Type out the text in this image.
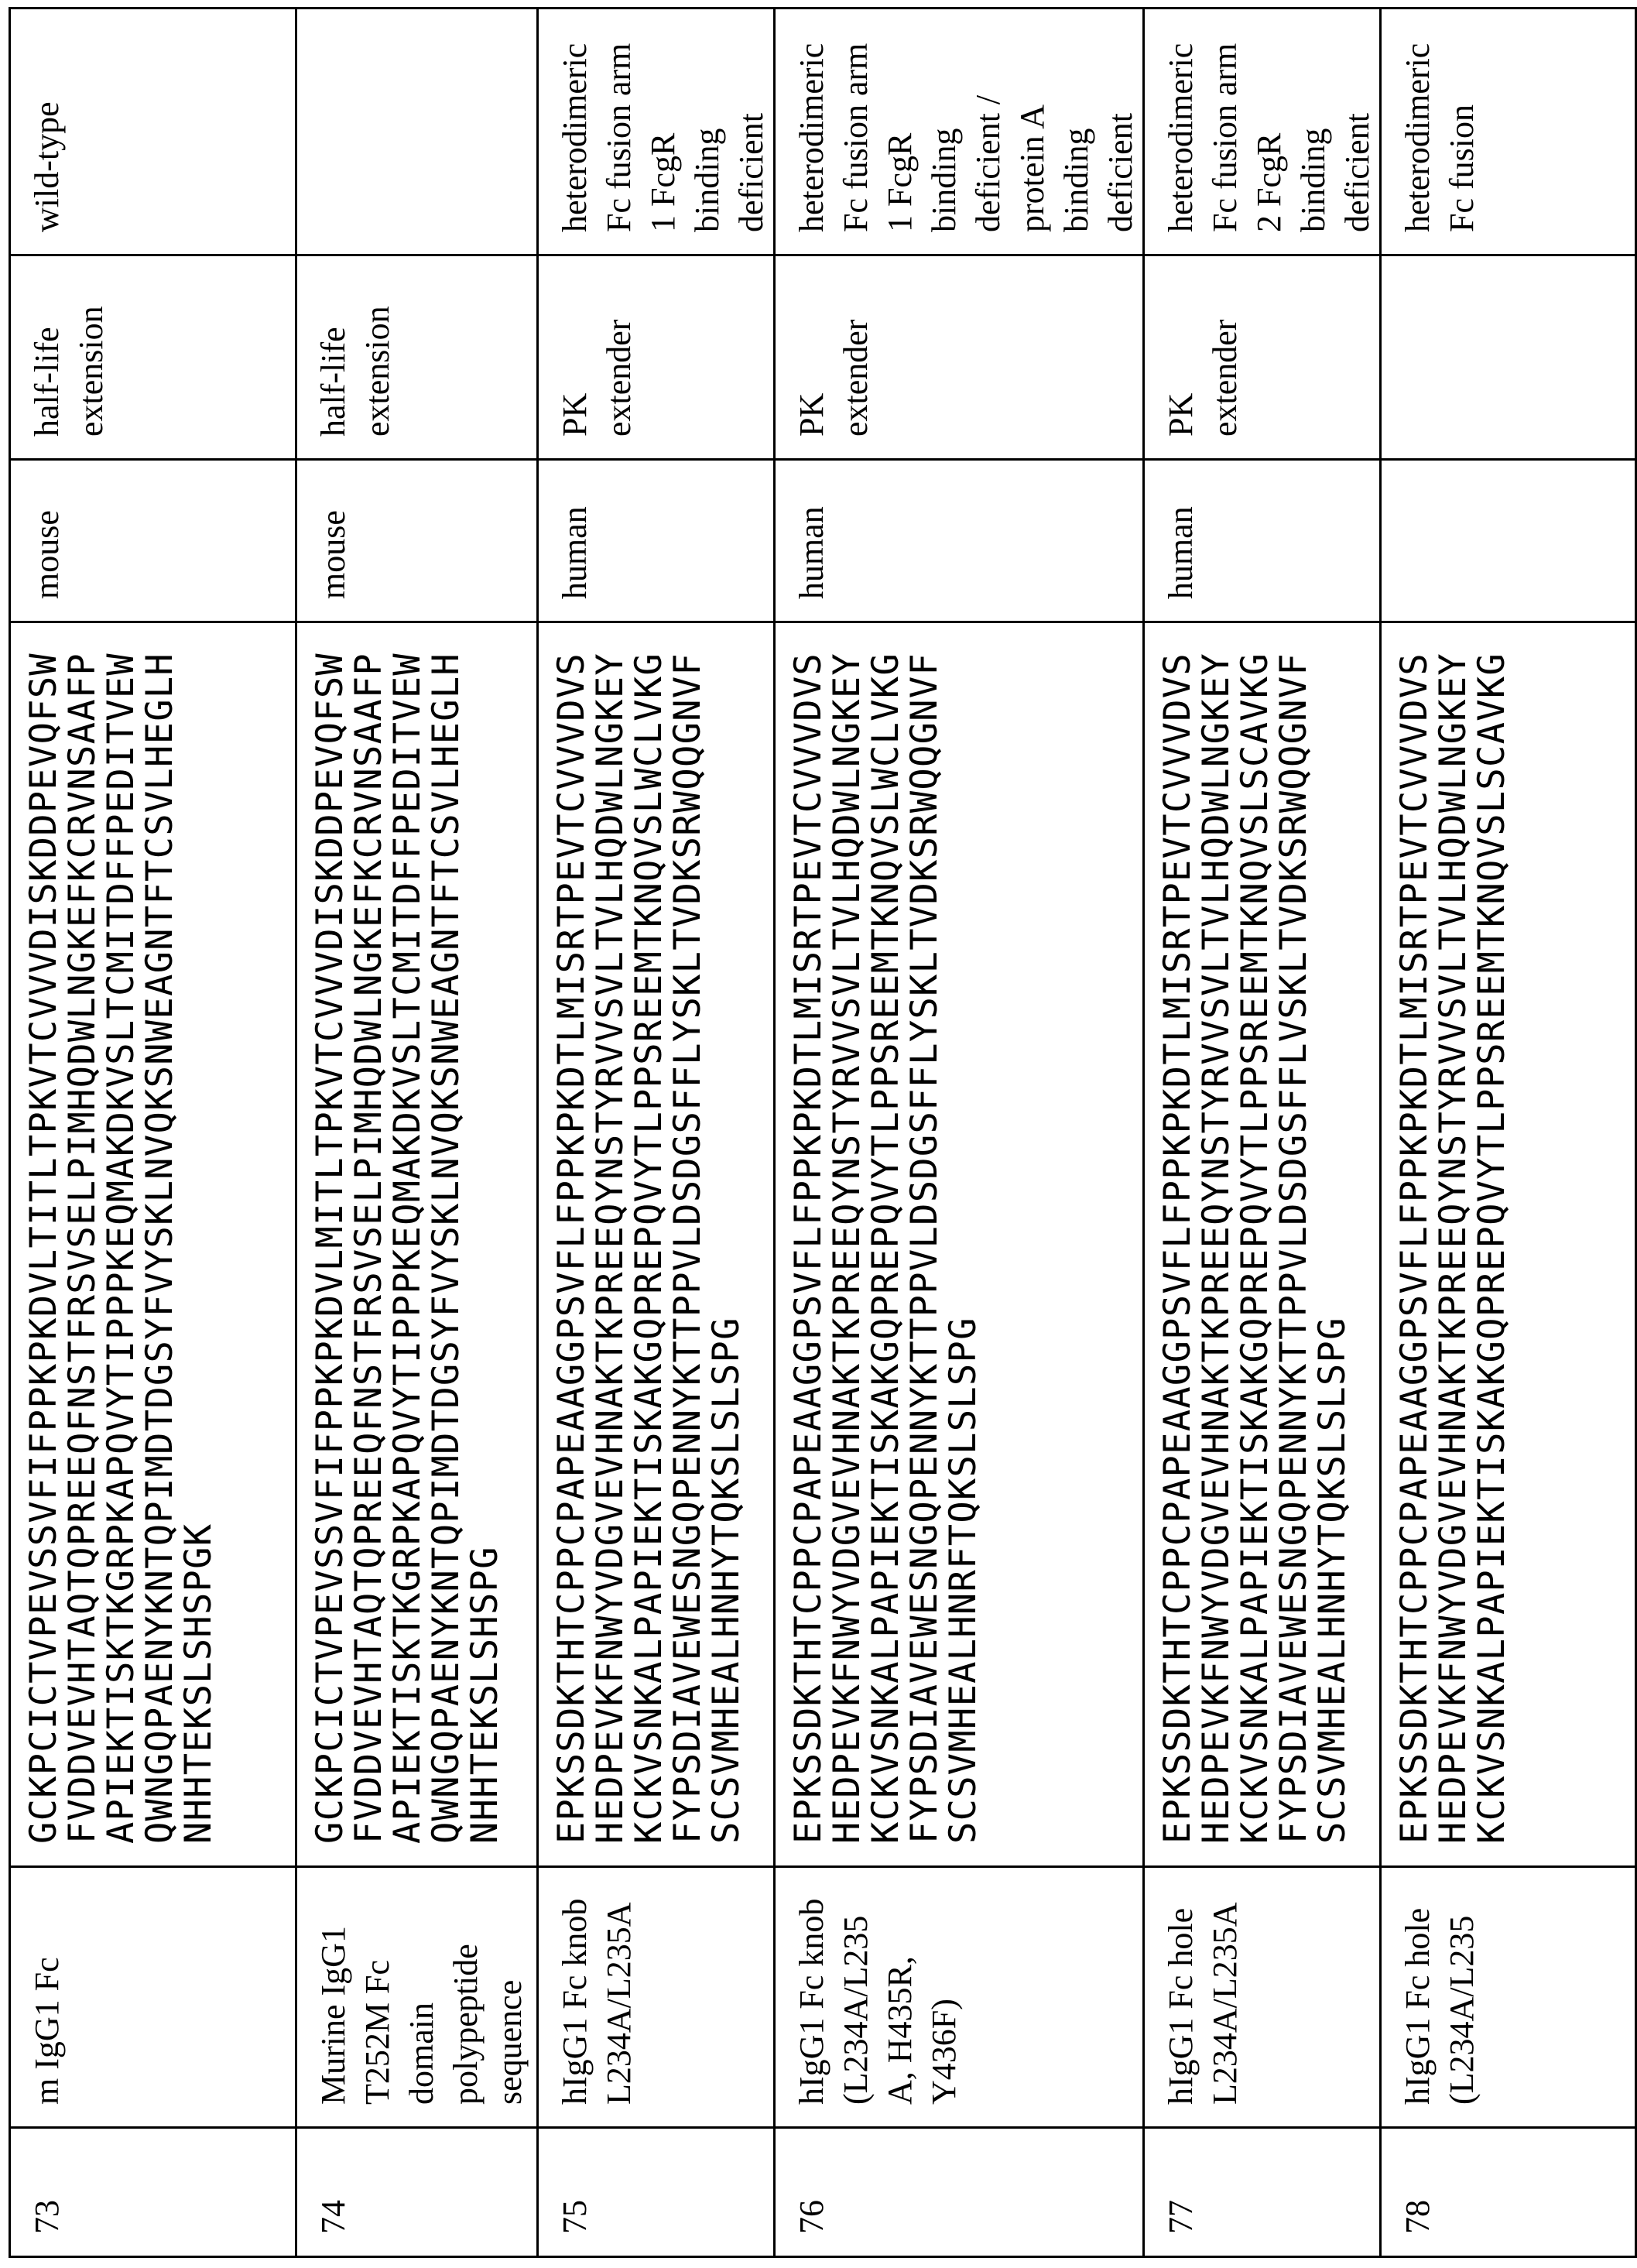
73	m IgG1 Fc	
GCKPCICTVPEVSSVFIFPPKPKDVLTITLTPKVTCVVVDISKDDPEVQFSW
FVDDVEVHTAQTQPREEQFNSTFRSVSELPIMHQDWLNGKEFKCRVNSAAFP
APIEKTISKTKGRPKAPQVYTIPPPKEQMAKDKVSLTCMITDFFPEDITVEW
QWNGQPAENYKNTQPIMDTDGSYFVYSKLNVQKSNWEAGNTFTCSVLHEGLH
NHHTEKSLSHSPGK
	mouse	half-life extension	wild-type
74	Murine IgG1 T252M Fc domain polypeptide sequence	
GCKPCICTVPEVSSVFIFPPKPKDVLMITLTPKVTCVVVDISKDDPEVQFSW
FVDDVEVHTAQTQPREEQFNSTFRSVSELPIMHQDWLNGKEFKCRVNSAAFP
APIEKTISKTKGRPKAPQVYTIPPPKEQMAKDKVSLTCMITDFFPEDITVEW
QWNGQPAENYKNTQPIMDTDGSYFVYSKLNVQKSNWEAGNTFTCSVLHEGLH
NHHTEKSLSHSPG
	mouse	half-life extension	
75	hIgG1 Fc knob L234A/L235A	
EPKSSDKTHTCPPCPAPEAAGGPSVFLFPPKPKDTLMISRTPEVTCVVVDVS
HEDPEVKFNWYVDGVEVHNAKTKPREEQYNSTYRVVSVLTVLHQDWLNGKEY
KCKVSNKALPAPIEKTISKAKGQPREPQVYTLPPSREEMTKNQVSLWCLVKG
FYPSDIAVEWESNGQPENNYKTTPPVLDSDGSFFLYSKLTVDKSRWQQGNVF
SCSVMHEALHNHYTQKSLSLSPG
	human	PK extender	heterodimeric Fc fusion arm 1 FcgR binding deficient
76	hIgG1 Fc knob (L234A/L235A, H435R, Y436F)	
EPKSSDKTHTCPPCPAPEAAGGPSVFLFPPKPKDTLMISRTPEVTCVVVDVS
HEDPEVKFNWYVDGVEVHNAKTKPREEQYNSTYRVVSVLTVLHQDWLNGKEY
KCKVSNKALPAPIEKTISKAKGQPREPQVYTLPPSREEMTKNQVSLWCLVKG
FYPSDIAVEWESNGQPENNYKTTPPVLDSDGSFFLYSKLTVDKSRWQQGNVF
SCSVMHEALHNRFTQKSLSLSPG
	human	PK extender	heterodimeric Fc fusion arm 1 FcgR binding deficient / protein A binding deficient
77	hIgG1 Fc hole L234A/L235A	
EPKSSDKTHTCPPCPAPEAAGGPSVFLFPPKPKDTLMISRTPEVTCVVVDVS
HEDPEVKFNWYVDGVEVHNAKTKPREEQYNSTYRVVSVLTVLHQDWLNGKEY
KCKVSNKALPAPIEKTISKAKGQPREPQVYTLPPSREEMTKNQVSLSCAVKG
FYPSDIAVEWESNGQPENNYKTTPPVLDSDGSFFLVSKLTVDKSRWQQGNVF
SCSVMHEALHNHYTQKSLSLSPG
	human	PK extender	heterodimeric Fc fusion arm 2 FcgR binding deficient
78	hIgG1 Fc hole (L234A/L235	
EPKSSDKTHTCPPCPAPEAAGGPSVFLFPPKPKDTLMISRTPEVTCVVVDVS
HEDPEVKFNWYVDGVEVHNAKTKPREEQYNSTYRVVSVLTVLHQDWLNGKEY
KCKVSNKALPAPIEKTISKAKGQPREPQVYTLPPSREEMTKNQVSLSCAVKG
			heterodimeric Fc fusion
